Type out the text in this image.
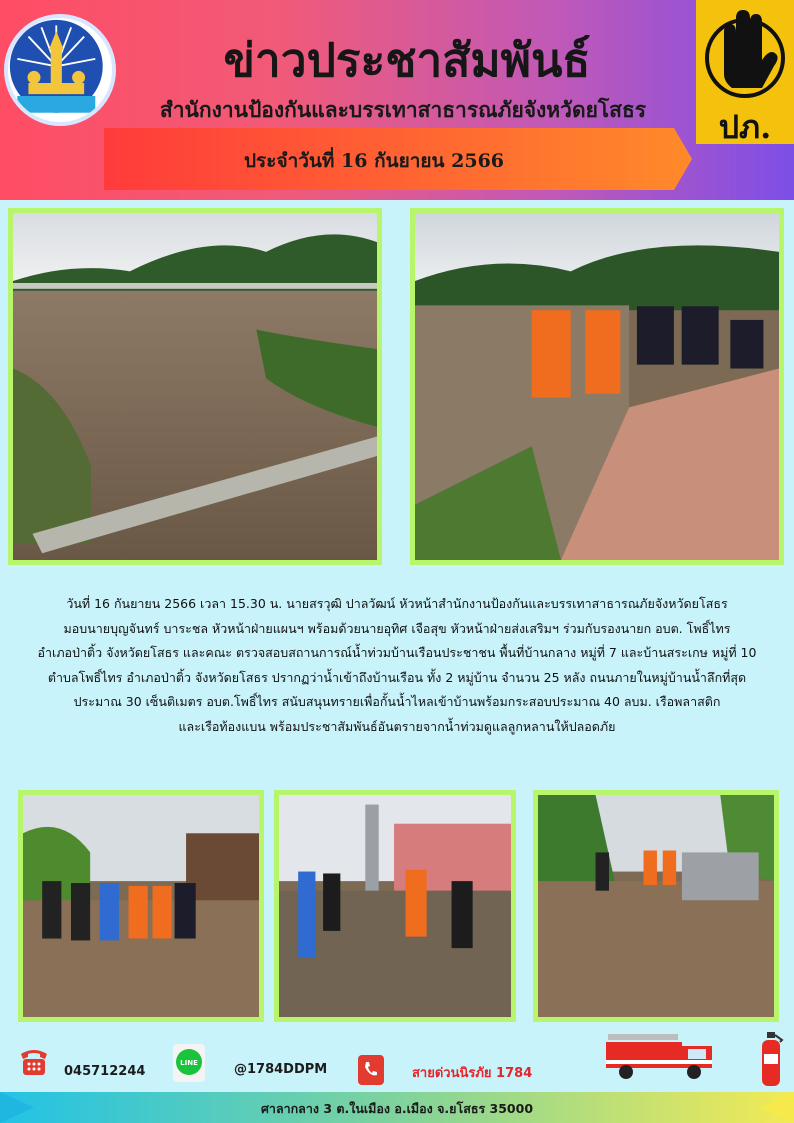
ข่าวประชาสัมพันธ์
สำนักงานป้องกันและบรรเทาสาธารณภัยจังหวัดยโสธร
ประจำวันที่ 16 กันยายน 2566
ปภ.
วันที่ 16 กันยายน 2566 เวลา 15.30 น. นายสรวุฒิ ปาลวัฒน์ หัวหน้าสำนักงานป้องกันและบรรเทาสาธารณภัยจังหวัดยโสธร
มอบนายบุญจันทร์ บาระชล หัวหน้าฝ่ายแผนฯ พร้อมด้วยนายอุทิศ เจือสุข หัวหน้าฝ่ายส่งเสริมฯ ร่วมกับรองนายก อบต. โพธิ์ไทร
อำเภอป่าติ้ว จังหวัดยโสธร และคณะ ตรวจสอบสถานการณ์น้ำท่วมบ้านเรือนประชาชน พื้นที่บ้านกลาง หมู่ที่ 7 และบ้านสระเกษ หมู่ที่ 10
ตำบลโพธิ์ไทร อำเภอป่าติ้ว จังหวัดยโสธร ปรากฏว่าน้ำเข้าถึงบ้านเรือน ทั้ง 2 หมู่บ้าน จำนวน 25 หลัง ถนนภายในหมู่บ้านน้ำลึกที่สุด
ประมาณ 30 เซ็นติเมตร อบต.โพธิ์ไทร สนับสนุนทรายเพื่อกั้นน้ำไหลเข้าบ้านพร้อมกระสอบประมาณ 40 ลบม. เรือพลาสติก
และเรือท้องแบน พร้อมประชาสัมพันธ์อันตรายจากน้ำท่วมดูแลลูกหลานให้ปลอดภัย
045712244
LINE	@1784DDPM	สายด่วนนิรภัย 1784
ศาลากลาง 3 ต.ในเมือง อ.เมือง จ.ยโสธร 35000
